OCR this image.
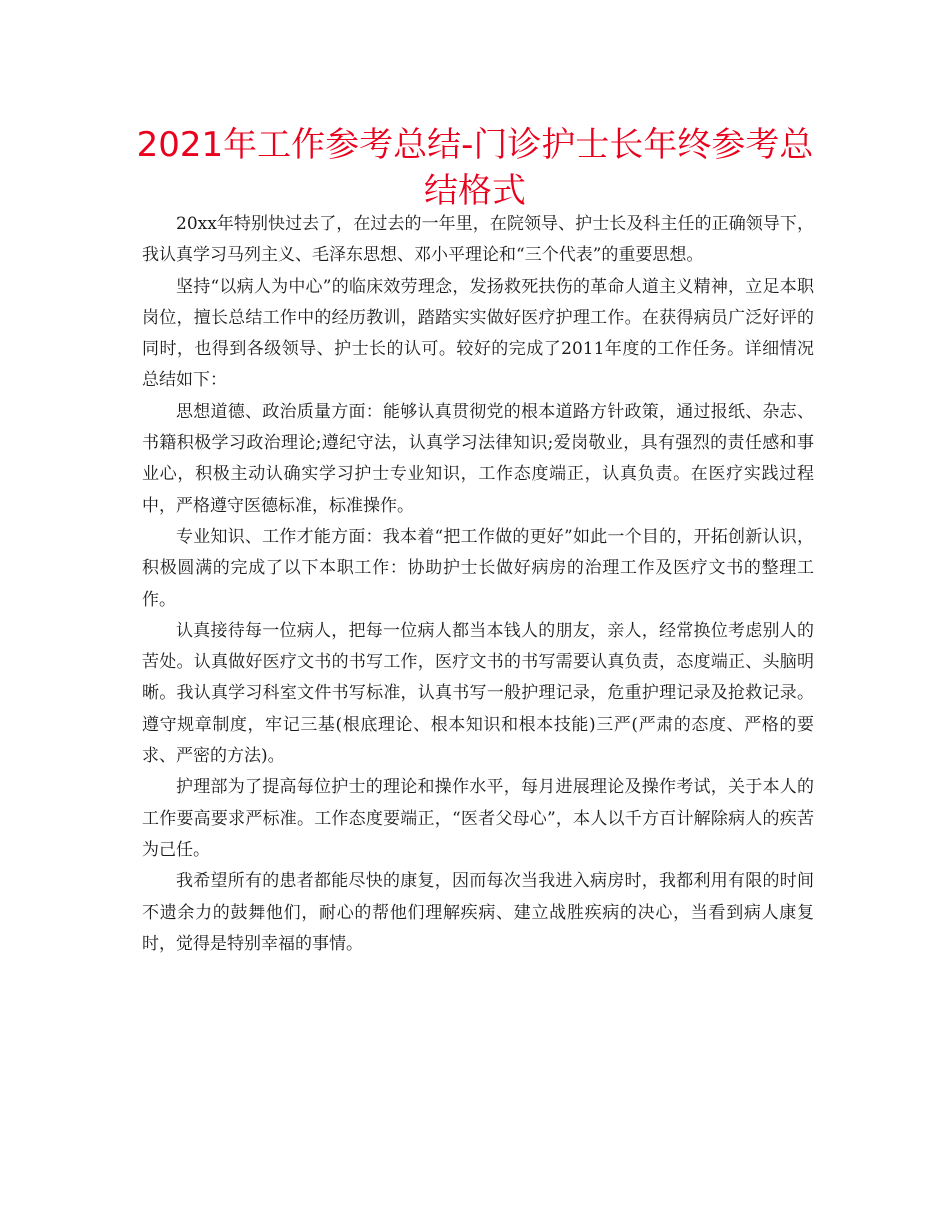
2021年工作参考总结-门诊护士长年终参考总结格式

20xx年特别快过去了，在过去的一年里，在院领导、护士长及科主任的正确领导下，我认真学习马列主义、毛泽东思想、邓小平理论和“三个代表”的重要思想。

坚持“以病人为中心”的临床效劳理念，发扬救死扶伤的革命人道主义精神，立足本职岗位，擅长总结工作中的经历教训，踏踏实实做好医疗护理工作。在获得病员广泛好评的同时，也得到各级领导、护士长的认可。较好的完成了2011年度的工作任务。详细情况总结如下：

思想道德、政治质量方面：能够认真贯彻党的根本道路方针政策，通过报纸、杂志、书籍积极学习政治理论;遵纪守法，认真学习法律知识;爱岗敬业，具有强烈的责任感和事业心，积极主动认确实学习护士专业知识，工作态度端正，认真负责。在医疗实践过程中，严格遵守医德标准，标准操作。

专业知识、工作才能方面：我本着“把工作做的更好”如此一个目的，开拓创新认识，积极圆满的完成了以下本职工作：协助护士长做好病房的治理工作及医疗文书的整理工作。

认真接待每一位病人，把每一位病人都当本钱人的朋友，亲人，经常换位考虑别人的苦处。认真做好医疗文书的书写工作，医疗文书的书写需要认真负责，态度端正、头脑明晰。我认真学习科室文件书写标准，认真书写一般护理记录，危重护理记录及抢救记录。遵守规章制度，牢记三基(根底理论、根本知识和根本技能)三严(严肃的态度、严格的要求、严密的方法)。

护理部为了提高每位护士的理论和操作水平，每月进展理论及操作考试，关于本人的工作要高要求严标准。工作态度要端正，“医者父母心”，本人以千方百计解除病人的疾苦为己任。

我希望所有的患者都能尽快的康复，因而每次当我进入病房时，我都利用有限的时间不遗余力的鼓舞他们，耐心的帮他们理解疾病、建立战胜疾病的决心，当看到病人康复时，觉得是特别幸福的事情。
